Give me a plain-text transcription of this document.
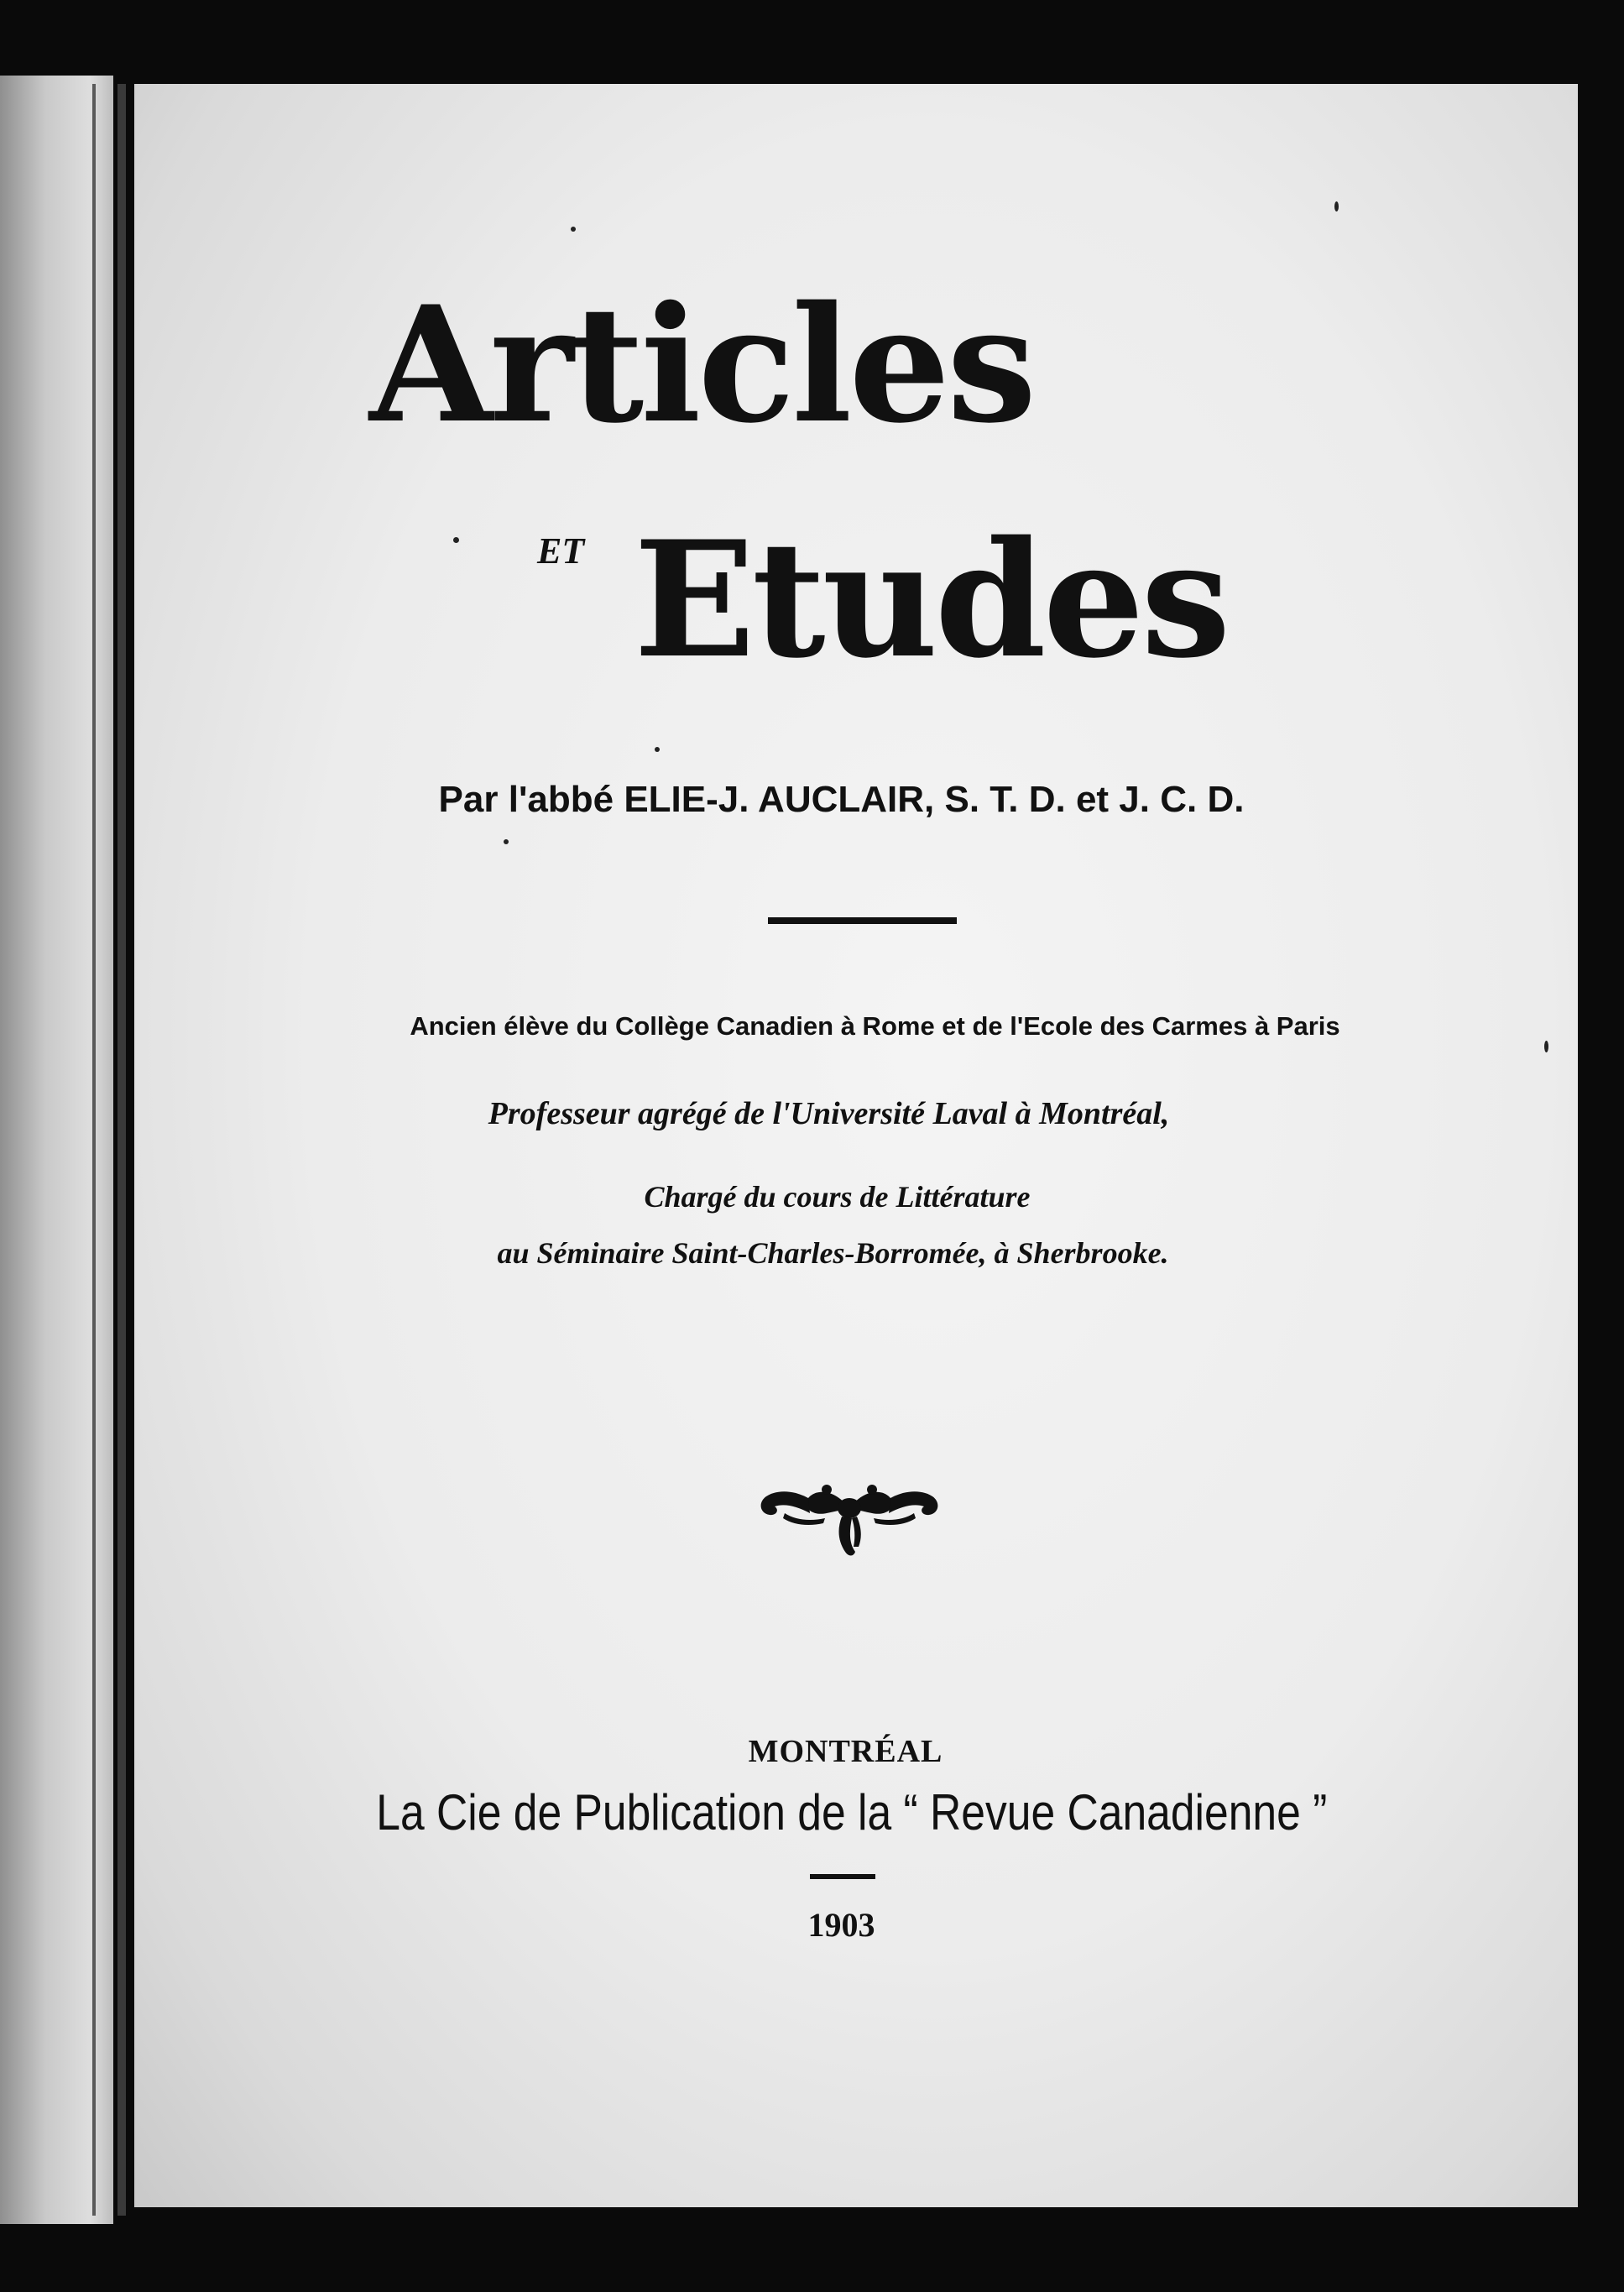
Articles
ET Etudes
Par l'abbé ELIE-J. AUCLAIR, S. T. D. et J. C. D.
Ancien élève du Collège Canadien à Rome et de l'Ecole des Carmes à Paris
Professeur agrégé de l'Université Laval à Montréal,
Chargé du cours de Littérature
au Séminaire Saint-Charles-Borromée, à Sherbrooke.
MONTRÉAL
La Cie de Publication de la “ Revue Canadienne ”
1903
